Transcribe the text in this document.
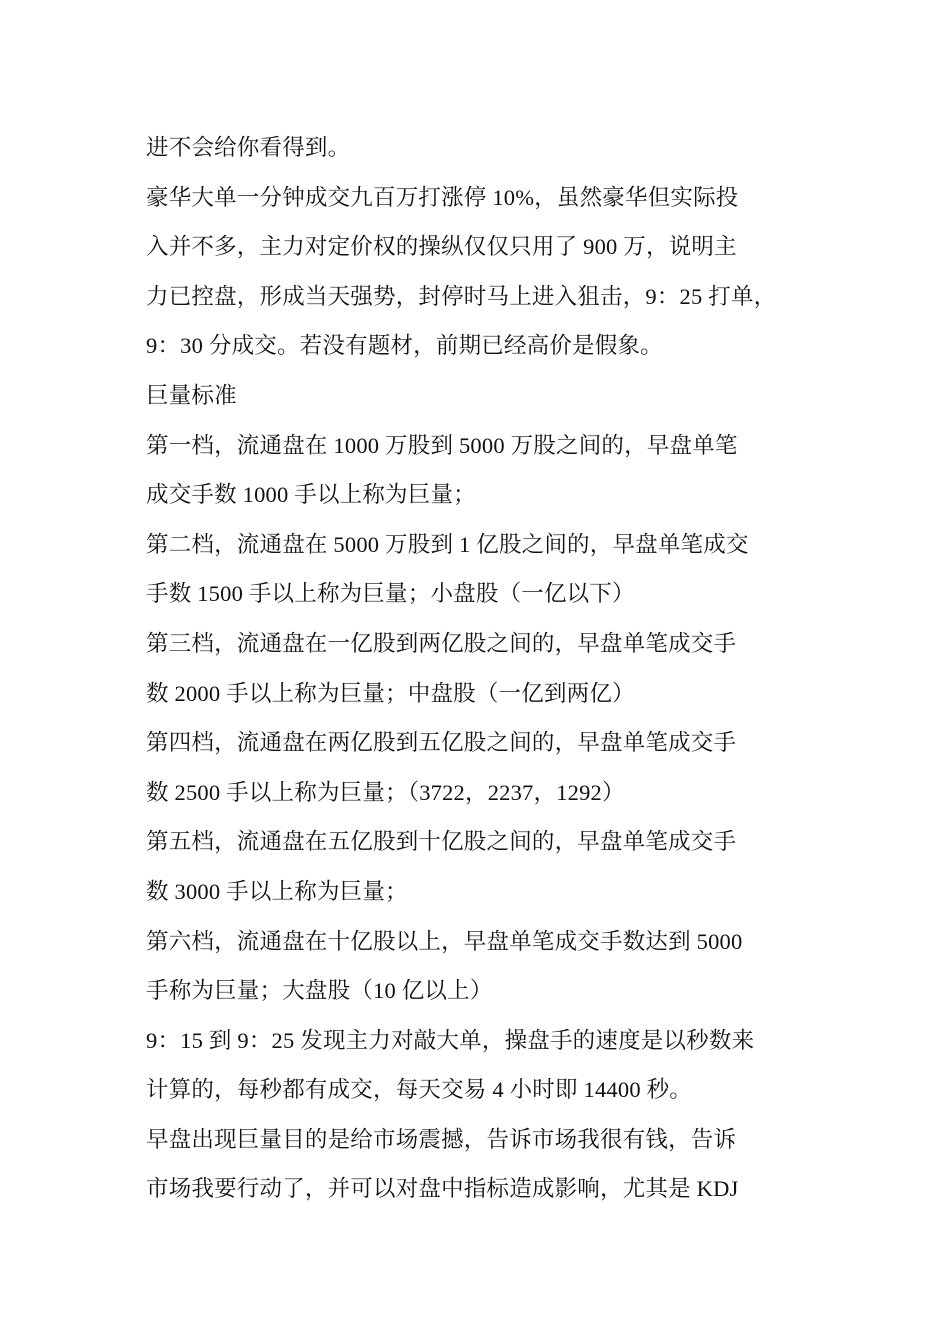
进不会给你看得到。
豪华大单一分钟成交九百万打涨停 10%，虽然豪华但实际投
入并不多，主力对定价权的操纵仅仅只用了 900 万，说明主
力已控盘，形成当天强势，封停时马上进入狙击，9：25 打单，
9：30 分成交。若没有题材，前期已经高价是假象。
巨量标准
第一档，流通盘在 1000 万股到 5000 万股之间的，早盘单笔
成交手数 1000 手以上称为巨量；
第二档，流通盘在 5000 万股到 1 亿股之间的，早盘单笔成交
手数 1500 手以上称为巨量；小盘股（一亿以下）
第三档，流通盘在一亿股到两亿股之间的，早盘单笔成交手
数 2000 手以上称为巨量；中盘股（一亿到两亿）
第四档，流通盘在两亿股到五亿股之间的，早盘单笔成交手
数 2500 手以上称为巨量；（3722，2237，1292）
第五档，流通盘在五亿股到十亿股之间的，早盘单笔成交手
数 3000 手以上称为巨量；
第六档，流通盘在十亿股以上，早盘单笔成交手数达到 5000
手称为巨量；大盘股（10 亿以上）
9：15 到 9：25 发现主力对敲大单，操盘手的速度是以秒数来
计算的，每秒都有成交，每天交易 4 小时即 14400 秒。
早盘出现巨量目的是给市场震撼，告诉市场我很有钱，告诉
市场我要行动了，并可以对盘中指标造成影响，尤其是 KDJ
